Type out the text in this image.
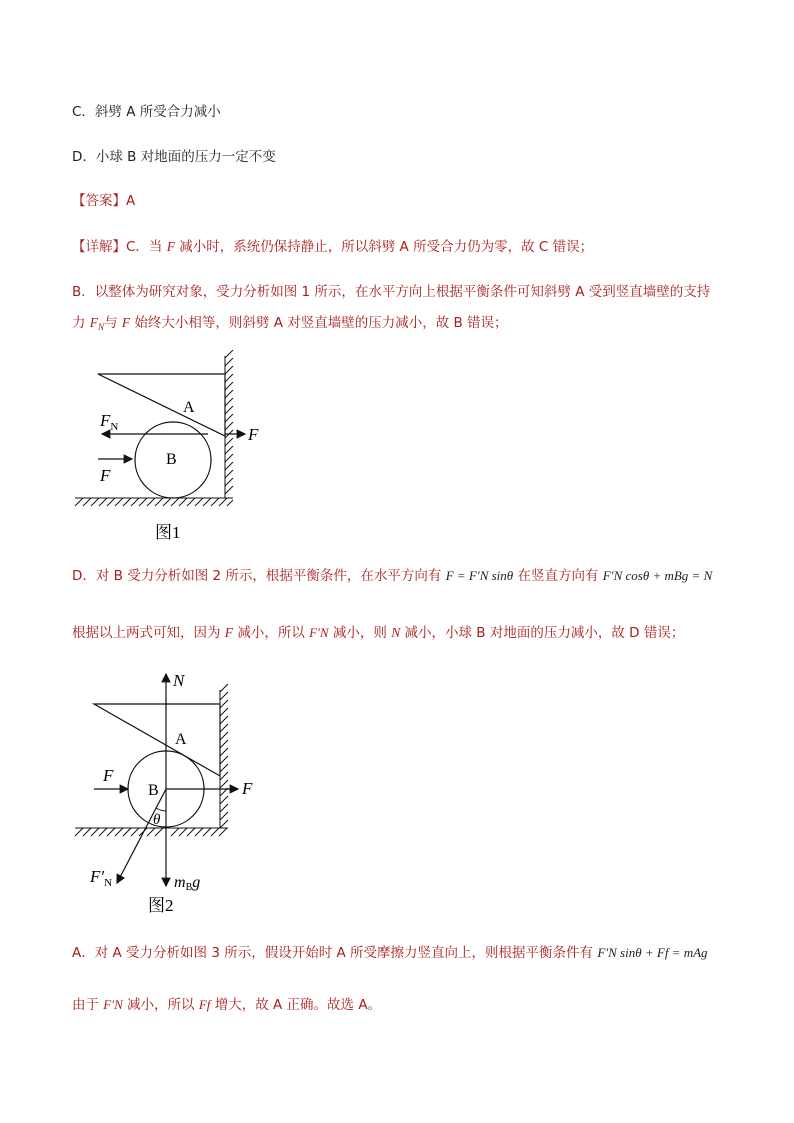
C．斜劈 A 所受合力减小
D．小球 B 对地面的压力一定不变
【答案】A
【详解】C．当 F 减小时，系统仍保持静止，所以斜劈 A 所受合力仍为零，故 C 错误；
B．以整体为研究对象，受力分析如图 1 所示，在水平方向上根据平衡条件可知斜劈 A 受到竖直墙壁的支持
力 $F_N$与 F 始终大小相等，则斜劈 A 对竖直墙壁的压力减小，故 B 错误；
A
B
$F_N$	F
F
图1
D．对 B 受力分析如图 2 所示，根据平衡条件，在水平方向有 F = F′N sinθ 在竖直方向有 F′N cosθ + mBg = N
根据以上两式可知，因为 F 减小，所以 F′N 减小，则 N 减小，小球 B 对地面的压力减小，故 D 错误；
N
A
B
F
F
θ
$F'_N$	mBg
图2
A．对 A 受力分析如图 3 所示，假设开始时 A 所受摩擦力竖直向上，则根据平衡条件有 F′N sinθ + Ff = mAg
由于 F′N 减小，所以 Ff 增大，故 A 正确。故选 A。
